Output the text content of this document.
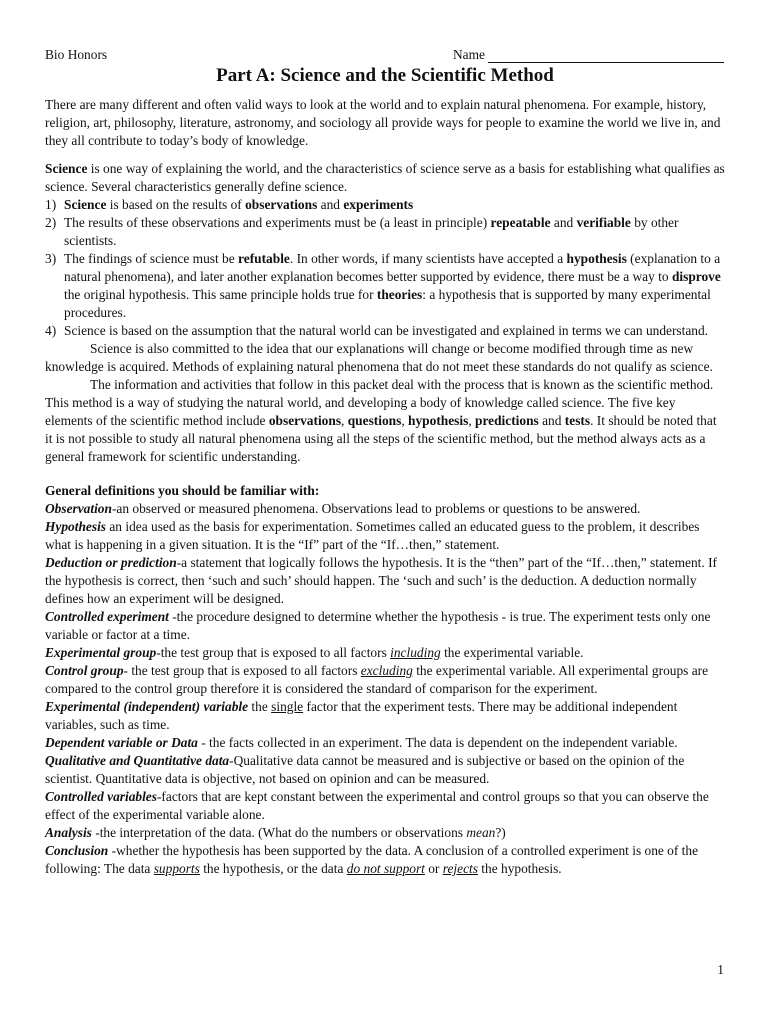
Bio Honors	Name
Part A: Science and the Scientific Method

There are many different and often valid ways to look at the world and to explain natural phenomena. For example, history, religion, art, philosophy, literature, astronomy, and sociology all provide ways for people to examine the world we live in, and they all contribute to today’s body of knowledge.

Science is one way of explaining the world, and the characteristics of science serve as a basis for establishing what qualifies as science. Several characteristics generally define science.

1) Science is based on the results of observations and experiments

2) The results of these observations and experiments must be (a least in principle) repeatable and verifiable by other scientists.

3) The findings of science must be refutable. In other words, if many scientists have accepted a hypothesis (explanation to a natural phenomena), and later another explanation becomes better supported by evidence, there must be a way to disprove the original hypothesis. This same principle holds true for theories: a hypothesis that is supported by many experimental procedures.

4) Science is based on the assumption that the natural world can be investigated and explained in terms we can understand.

Science is also committed to the idea that our explanations will change or become modified through time as new knowledge is acquired. Methods of explaining natural phenomena that do not meet these standards do not qualify as science.

The information and activities that follow in this packet deal with the process that is known as the scientific method. This method is a way of studying the natural world, and developing a body of knowledge called science. The five key elements of the scientific method include observations, questions, hypothesis, predictions and tests. It should be noted that it is not possible to study all natural phenomena using all the steps of the scientific method, but the method always acts as a general framework for scientific understanding.

General definitions you should be familiar with:

Observation-an observed or measured phenomena. Observations lead to problems or questions to be answered.

Hypothesis an idea used as the basis for experimentation. Sometimes called an educated guess to the problem, it describes what is happening in a given situation. It is the “If” part of the “If…then,” statement.

Deduction or prediction-a statement that logically follows the hypothesis. It is the “then” part of the “If…then,” statement. If the hypothesis is correct, then ‘such and such’ should happen. The ‘such and such’ is the deduction. A deduction normally defines how an experiment will be designed.

Controlled experiment -the procedure designed to determine whether the hypothesis - is true. The experiment tests only one variable or factor at a time.

Experimental group-the test group that is exposed to all factors including the experimental variable.

Control group- the test group that is exposed to all factors excluding the experimental variable. All experimental groups are compared to the control group therefore it is considered the standard of comparison for the experiment.

Experimental (independent) variable the single factor that the experiment tests. There may be additional independent variables, such as time.

Dependent variable or Data - the facts collected in an experiment. The data is dependent on the independent variable.

Qualitative and Quantitative data-Qualitative data cannot be measured and is subjective or based on the opinion of the scientist. Quantitative data is objective, not based on opinion and can be measured.

Controlled variables-factors that are kept constant between the experimental and control groups so that you can observe the effect of the experimental variable alone.

Analysis -the interpretation of the data. (What do the numbers or observations mean?)

Conclusion -whether the hypothesis has been supported by the data. A conclusion of a controlled experiment is one of the following: The data supports the hypothesis, or the data do not support or rejects the hypothesis.

1
